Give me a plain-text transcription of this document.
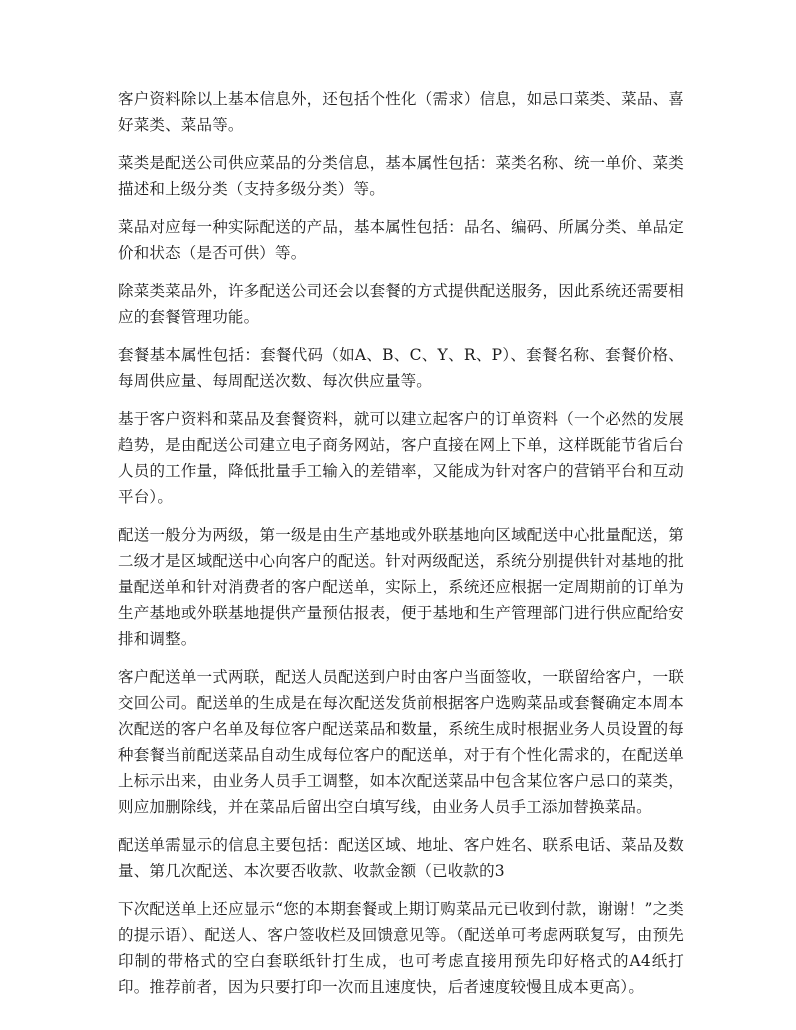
客户资料除以上基本信息外，还包括个性化（需求）信息，如忌口菜类、菜品、喜好菜类、菜品等。

菜类是配送公司供应菜品的分类信息，基本属性包括：菜类名称、统一单价、菜类描述和上级分类（支持多级分类）等。

菜品对应每一种实际配送的产品，基本属性包括：品名、编码、所属分类、单品定价和状态（是否可供）等。

除菜类菜品外，许多配送公司还会以套餐的方式提供配送服务，因此系统还需要相应的套餐管理功能。

套餐基本属性包括：套餐代码（如A、B、C、Y、R、P）、套餐名称、套餐价格、每周供应量、每周配送次数、每次供应量等。

基于客户资料和菜品及套餐资料，就可以建立起客户的订单资料（一个必然的发展趋势，是由配送公司建立电子商务网站，客户直接在网上下单，这样既能节省后台人员的工作量，降低批量手工输入的差错率，又能成为针对客户的营销平台和互动平台）。

配送一般分为两级，第一级是由生产基地或外联基地向区域配送中心批量配送，第二级才是区域配送中心向客户的配送。针对两级配送，系统分别提供针对基地的批量配送单和针对消费者的客户配送单，实际上，系统还应根据一定周期前的订单为生产基地或外联基地提供产量预估报表，便于基地和生产管理部门进行供应配给安排和调整。

客户配送单一式两联，配送人员配送到户时由客户当面签收，一联留给客户，一联交回公司。配送单的生成是在每次配送发货前根据客户选购菜品或套餐确定本周本次配送的客户名单及每位客户配送菜品和数量，系统生成时根据业务人员设置的每种套餐当前配送菜品自动生成每位客户的配送单，对于有个性化需求的，在配送单上标示出来，由业务人员手工调整，如本次配送菜品中包含某位客户忌口的菜类，则应加删除线，并在菜品后留出空白填写线，由业务人员手工添加替换菜品。

配送单需显示的信息主要包括：配送区域、地址、客户姓名、联系电话、菜品及数量、第几次配送、本次要否收款、收款金额（已收款的3

下次配送单上还应显示“您的本期套餐或上期订购菜品元已收到付款，谢谢！”之类的提示语）、配送人、客户签收栏及回馈意见等。（配送单可考虑两联复写，由预先印制的带格式的空白套联纸针打生成，也可考虑直接用预先印好格式的A4纸打印。推荐前者，因为只要打印一次而且速度快，后者速度较慢且成本更高）。
